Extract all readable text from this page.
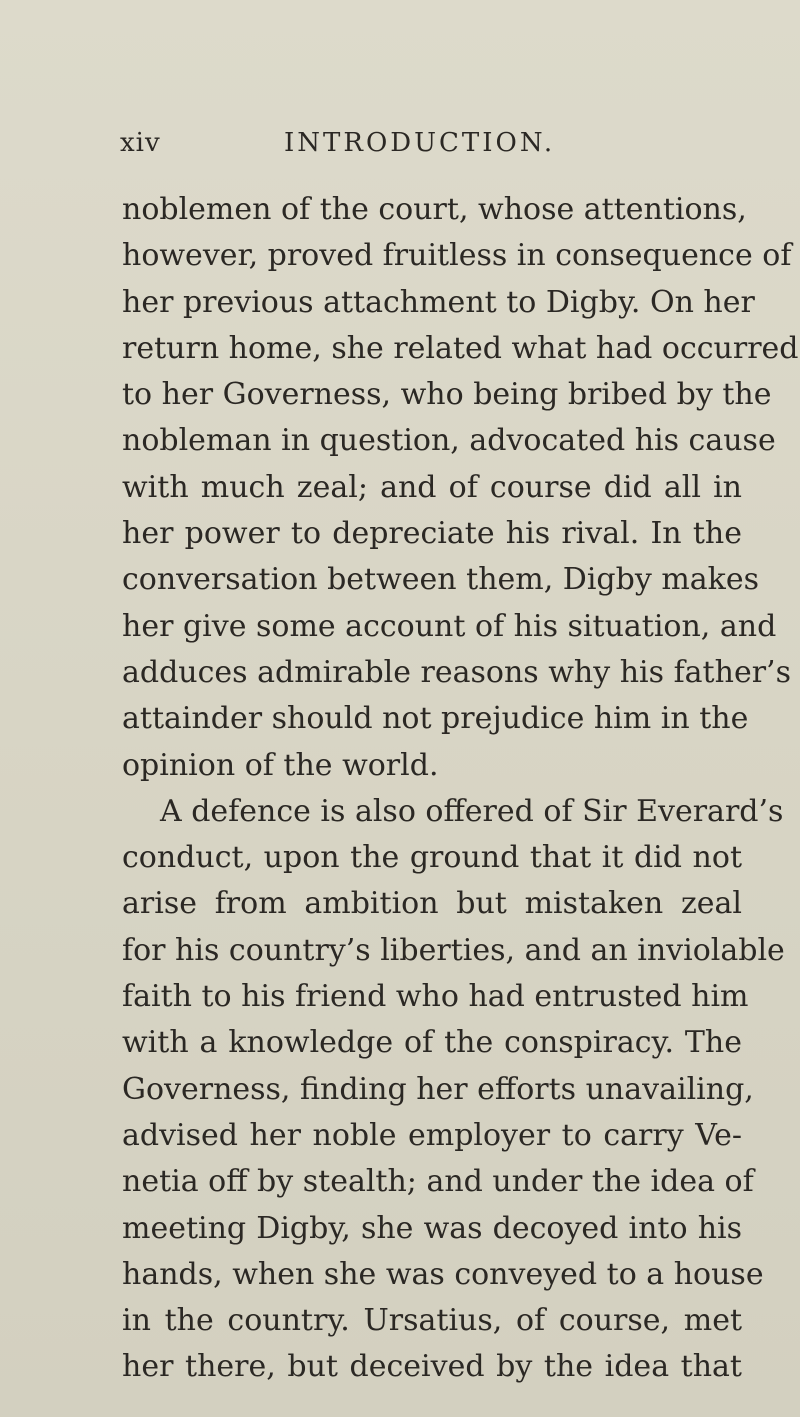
xiv	INTRODUCTION.
noblemen of the court, whose attentions,
however, proved fruitless in consequence of
her previous attachment to Digby. On her
return home, she related what had occurred
to her Governess, who being bribed by the
nobleman in question, advocated his cause
with much zeal; and of course did all in
her power to depreciate his rival. In the
conversation between them, Digby makes
her give some account of his situation, and
adduces admirable reasons why his father’s
attainder should not prejudice him in the
opinion of the world.
A defence is also offered of Sir Everard’s
conduct, upon the ground that it did not
arise from ambition but mistaken zeal
for his country’s liberties, and an inviolable
faith to his friend who had entrusted him
with a knowledge of the conspiracy. The
Governess, finding her efforts unavailing,
advised her noble employer to carry Ve-
netia off by stealth; and under the idea of
meeting Digby, she was decoyed into his
hands, when she was conveyed to a house
in the country. Ursatius, of course, met
her there, but deceived by the idea that
